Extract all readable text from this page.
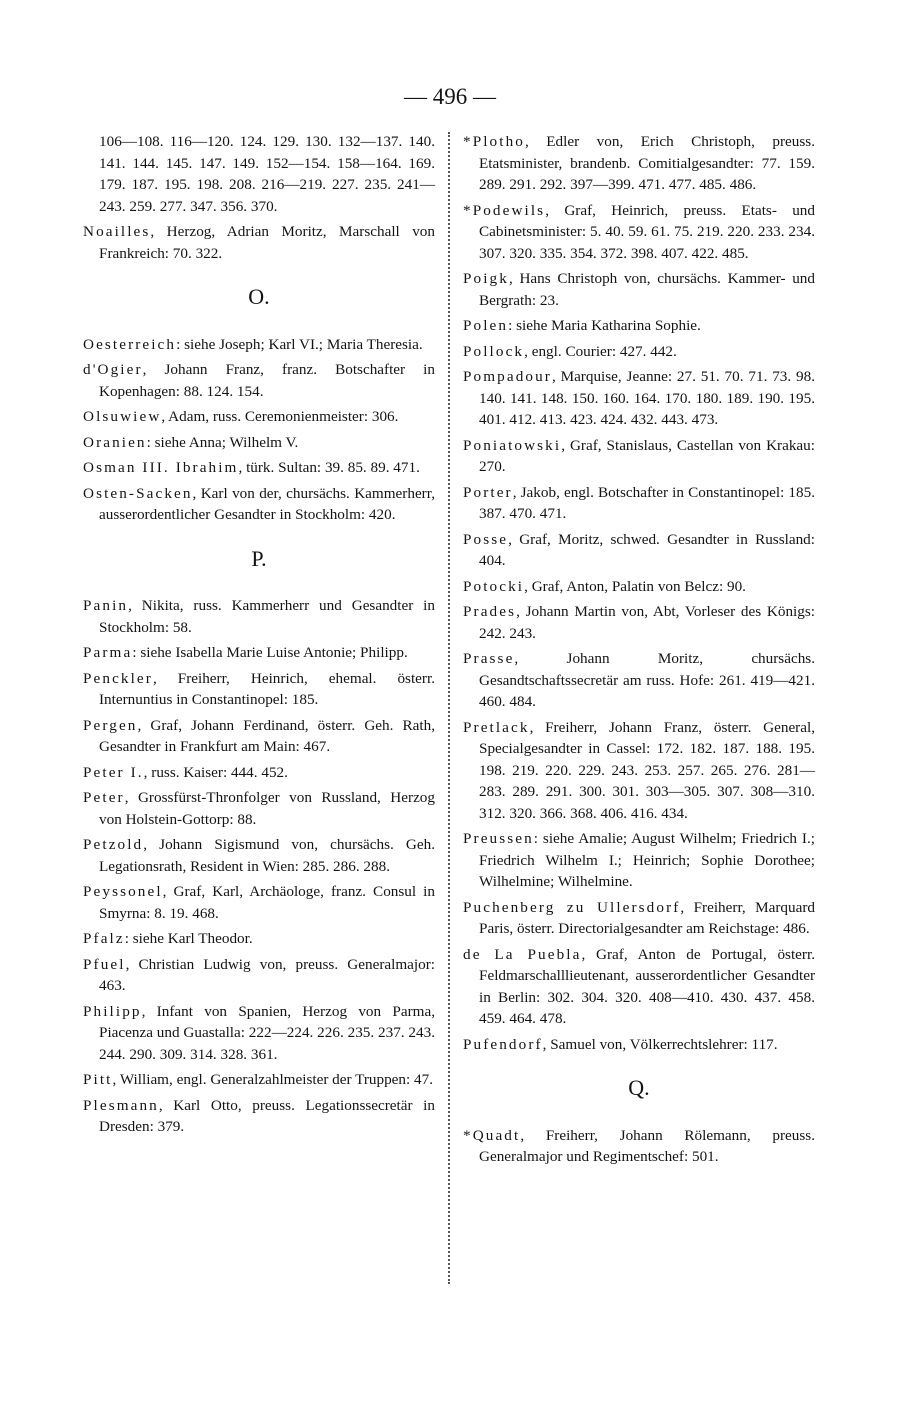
— 496 —
106—108. 116—120. 124. 129. 130. 132—137. 140. 141. 144. 145. 147. 149. 152—154. 158—164. 169. 179. 187. 195. 198. 208. 216—219. 227. 235. 241—243. 259. 277. 347. 356. 370.
Noailles, Herzog, Adrian Moritz, Marschall von Frankreich: 70. 322.
O.
Oesterreich: siehe Joseph; Karl VI.; Maria Theresia.
d'Ogier, Johann Franz, franz. Botschafter in Kopenhagen: 88. 124. 154.
Olsuwiew, Adam, russ. Ceremonienmeister: 306.
Oranien: siehe Anna; Wilhelm V.
Osman III. Ibrahim, türk. Sultan: 39. 85. 89. 471.
Osten-Sacken, Karl von der, chursächs. Kammerherr, ausserordentlicher Gesandter in Stockholm: 420.
P.
Panin, Nikita, russ. Kammerherr und Gesandter in Stockholm: 58.
Parma: siehe Isabella Marie Luise Antonie; Philipp.
Penckler, Freiherr, Heinrich, ehemal. österr. Internuntius in Constantinopel: 185.
Pergen, Graf, Johann Ferdinand, österr. Geh. Rath, Gesandter in Frankfurt am Main: 467.
Peter I., russ. Kaiser: 444. 452.
Peter, Grossfürst-Thronfolger von Russland, Herzog von Holstein-Gottorp: 88.
Petzold, Johann Sigismund von, chursächs. Geh. Legationsrath, Resident in Wien: 285. 286. 288.
Peyssonel, Graf, Karl, Archäologe, franz. Consul in Smyrna: 8. 19. 468.
Pfalz: siehe Karl Theodor.
Pfuel, Christian Ludwig von, preuss. Generalmajor: 463.
Philipp, Infant von Spanien, Herzog von Parma, Piacenza und Guastalla: 222—224. 226. 235. 237. 243. 244. 290. 309. 314. 328. 361.
Pitt, William, engl. Generalzahlmeister der Truppen: 47.
Plesmann, Karl Otto, preuss. Legationssecretär in Dresden: 379.
*Plotho, Edler von, Erich Christoph, preuss. Etatsminister, brandenb. Comitialgesandter: 77. 159. 289. 291. 292. 397—399. 471. 477. 485. 486.
*Podewils, Graf, Heinrich, preuss. Etats- und Cabinetsminister: 5. 40. 59. 61. 75. 219. 220. 233. 234. 307. 320. 335. 354. 372. 398. 407. 422. 485.
Poigk, Hans Christoph von, chursächs. Kammer- und Bergrath: 23.
Polen: siehe Maria Katharina Sophie.
Pollock, engl. Courier: 427. 442.
Pompadour, Marquise, Jeanne: 27. 51. 70. 71. 73. 98. 140. 141. 148. 150. 160. 164. 170. 180. 189. 190. 195. 401. 412. 413. 423. 424. 432. 443. 473.
Poniatowski, Graf, Stanislaus, Castellan von Krakau: 270.
Porter, Jakob, engl. Botschafter in Constantinopel: 185. 387. 470. 471.
Posse, Graf, Moritz, schwed. Gesandter in Russland: 404.
Potocki, Graf, Anton, Palatin von Belcz: 90.
Prades, Johann Martin von, Abt, Vorleser des Königs: 242. 243.
Prasse, Johann Moritz, chursächs. Gesandtschaftssecretär am russ. Hofe: 261. 419—421. 460. 484.
Pretlack, Freiherr, Johann Franz, österr. General, Specialgesandter in Cassel: 172. 182. 187. 188. 195. 198. 219. 220. 229. 243. 253. 257. 265. 276. 281—283. 289. 291. 300. 301. 303—305. 307. 308—310. 312. 320. 366. 368. 406. 416. 434.
Preussen: siehe Amalie; August Wilhelm; Friedrich I.; Friedrich Wilhelm I.; Heinrich; Sophie Dorothee; Wilhelmine; Wilhelmine.
Puchenberg zu Ullersdorf, Freiherr, Marquard Paris, österr. Directorialgesandter am Reichstage: 486.
de La Puebla, Graf, Anton de Portugal, österr. Feldmarschalllieutenant, ausserordentlicher Gesandter in Berlin: 302. 304. 320. 408—410. 430. 437. 458. 459. 464. 478.
Pufendorf, Samuel von, Völkerrechtslehrer: 117.
Q.
*Quadt, Freiherr, Johann Rölemann, preuss. Generalmajor und Regimentschef: 501.
